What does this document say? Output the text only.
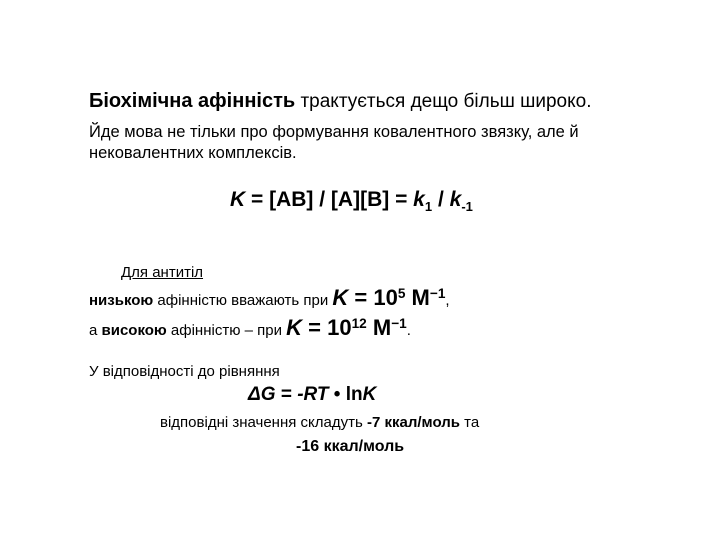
Біохімічна афінність трактується дещо більш широко.
Йде мова не тільки про формування ковалентного звязку, але й
нековалентних комплексів.
$K = [AB] / [A][B] = k_1 / k_{-1}$
Для антитіл
низькою афінністю вважають при $K = 10^5$ $M^{-1}$,
а високою афінністю – при $K = 10^{12}$ $M^{-1}$.
У відповідності до рівняння
ΔG = -RT • lnK
відповідні значення складуть -7 ккал/моль та
-16 ккал/моль
